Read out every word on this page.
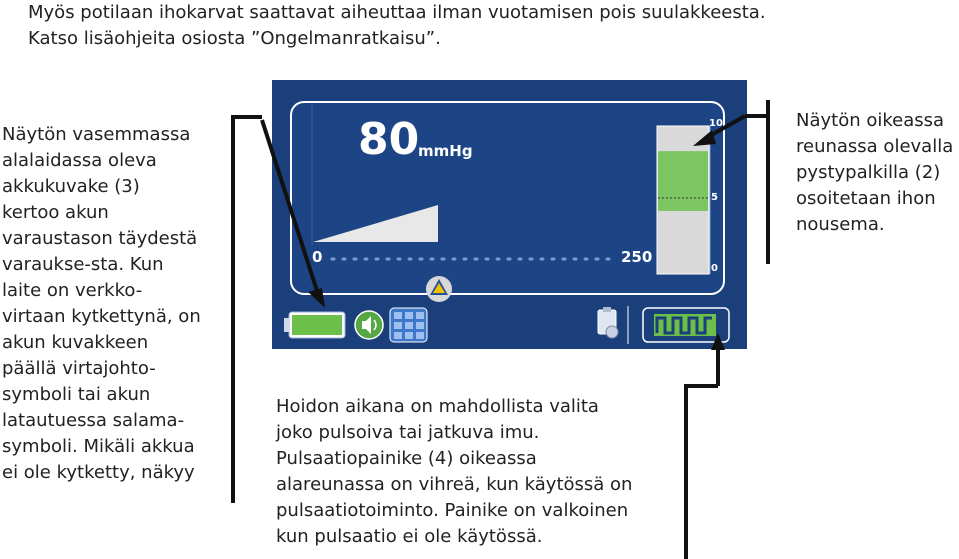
Myös potilaan ihokarvat saattavat aiheuttaa ilman vuotamisen pois suulakkeesta.
Katso lisäohjeita osiosta ”Ongelmanratkaisu”.

Näytön vasemmassa
alalaidassa oleva
akkukuvake (3)
kertoo akun
varaustason täydestä
varaukse-sta. Kun
laite on verkko-
virtaan kytkettynä, on
akun kuvakkeen
päällä virtajohto-
symboli tai akun
latautuessa salama-
symboli. Mikäli akkua
ei ole kytketty, näkyy

Näytön oikeassa
reunassa olevalla
pystypalkilla (2)
osoitetaan ihon
nousema.

Hoidon aikana on mahdollista valita
joko pulsoiva tai jatkuva imu.
Pulsaatiopainike (4) oikeassa
alareunassa on vihreä, kun käytössä on
pulsaatiotoiminto. Painike on valkoinen
kun pulsaatio ei ole käytössä.

80
mmHg
0	250
10
5
0
